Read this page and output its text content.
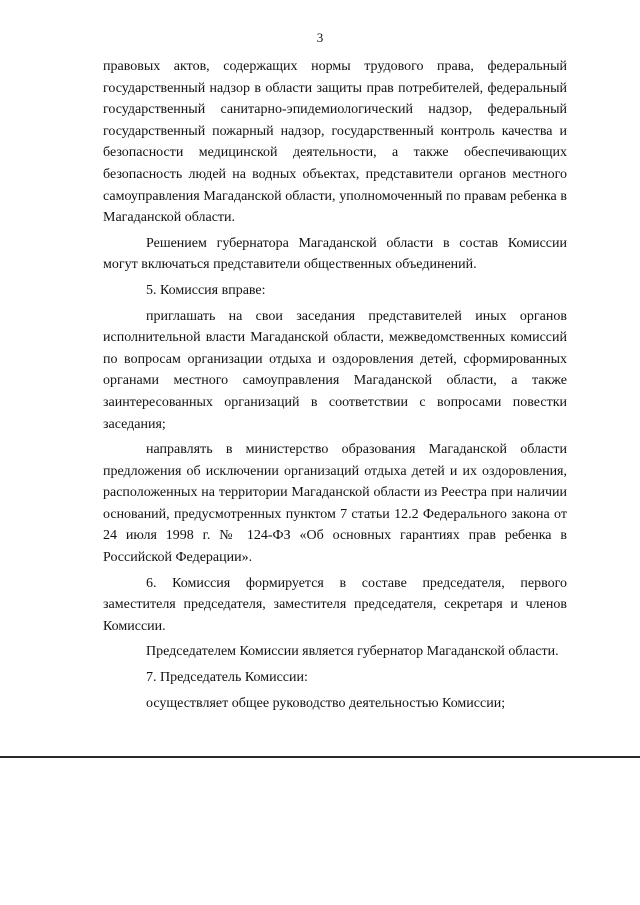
3

правовых актов, содержащих нормы трудового права, федеральный государственный надзор в области защиты прав потребителей, федеральный государственный санитарно-эпидемиологический надзор, федеральный государственный пожарный надзор, государственный контроль качества и безопасности медицинской деятельности, а также обеспечивающих безопасность людей на водных объектах, представители органов местного самоуправления Магаданской области, уполномоченный по правам ребенка в Магаданской области.

Решением губернатора Магаданской области в состав Комиссии могут включаться представители общественных объединений.

5. Комиссия вправе:

приглашать на свои заседания представителей иных органов исполнительной власти Магаданской области, межведомственных комиссий по вопросам организации отдыха и оздоровления детей, сформированных органами местного самоуправления Магаданской области, а также заинтересованных организаций в соответствии с вопросами повестки заседания;

направлять в министерство образования Магаданской области предложения об исключении организаций отдыха детей и их оздоровления, расположенных на территории Магаданской области из Реестра при наличии оснований, предусмотренных пунктом 7 статьи 12.2 Федерального закона от 24 июля 1998 г. № 124-ФЗ «Об основных гарантиях прав ребенка в Российской Федерации».

6. Комиссия формируется в составе председателя, первого заместителя председателя, заместителя председателя, секретаря и членов Комиссии.

Председателем Комиссии является губернатор Магаданской области.

7. Председатель Комиссии:

осуществляет общее руководство деятельностью Комиссии;
